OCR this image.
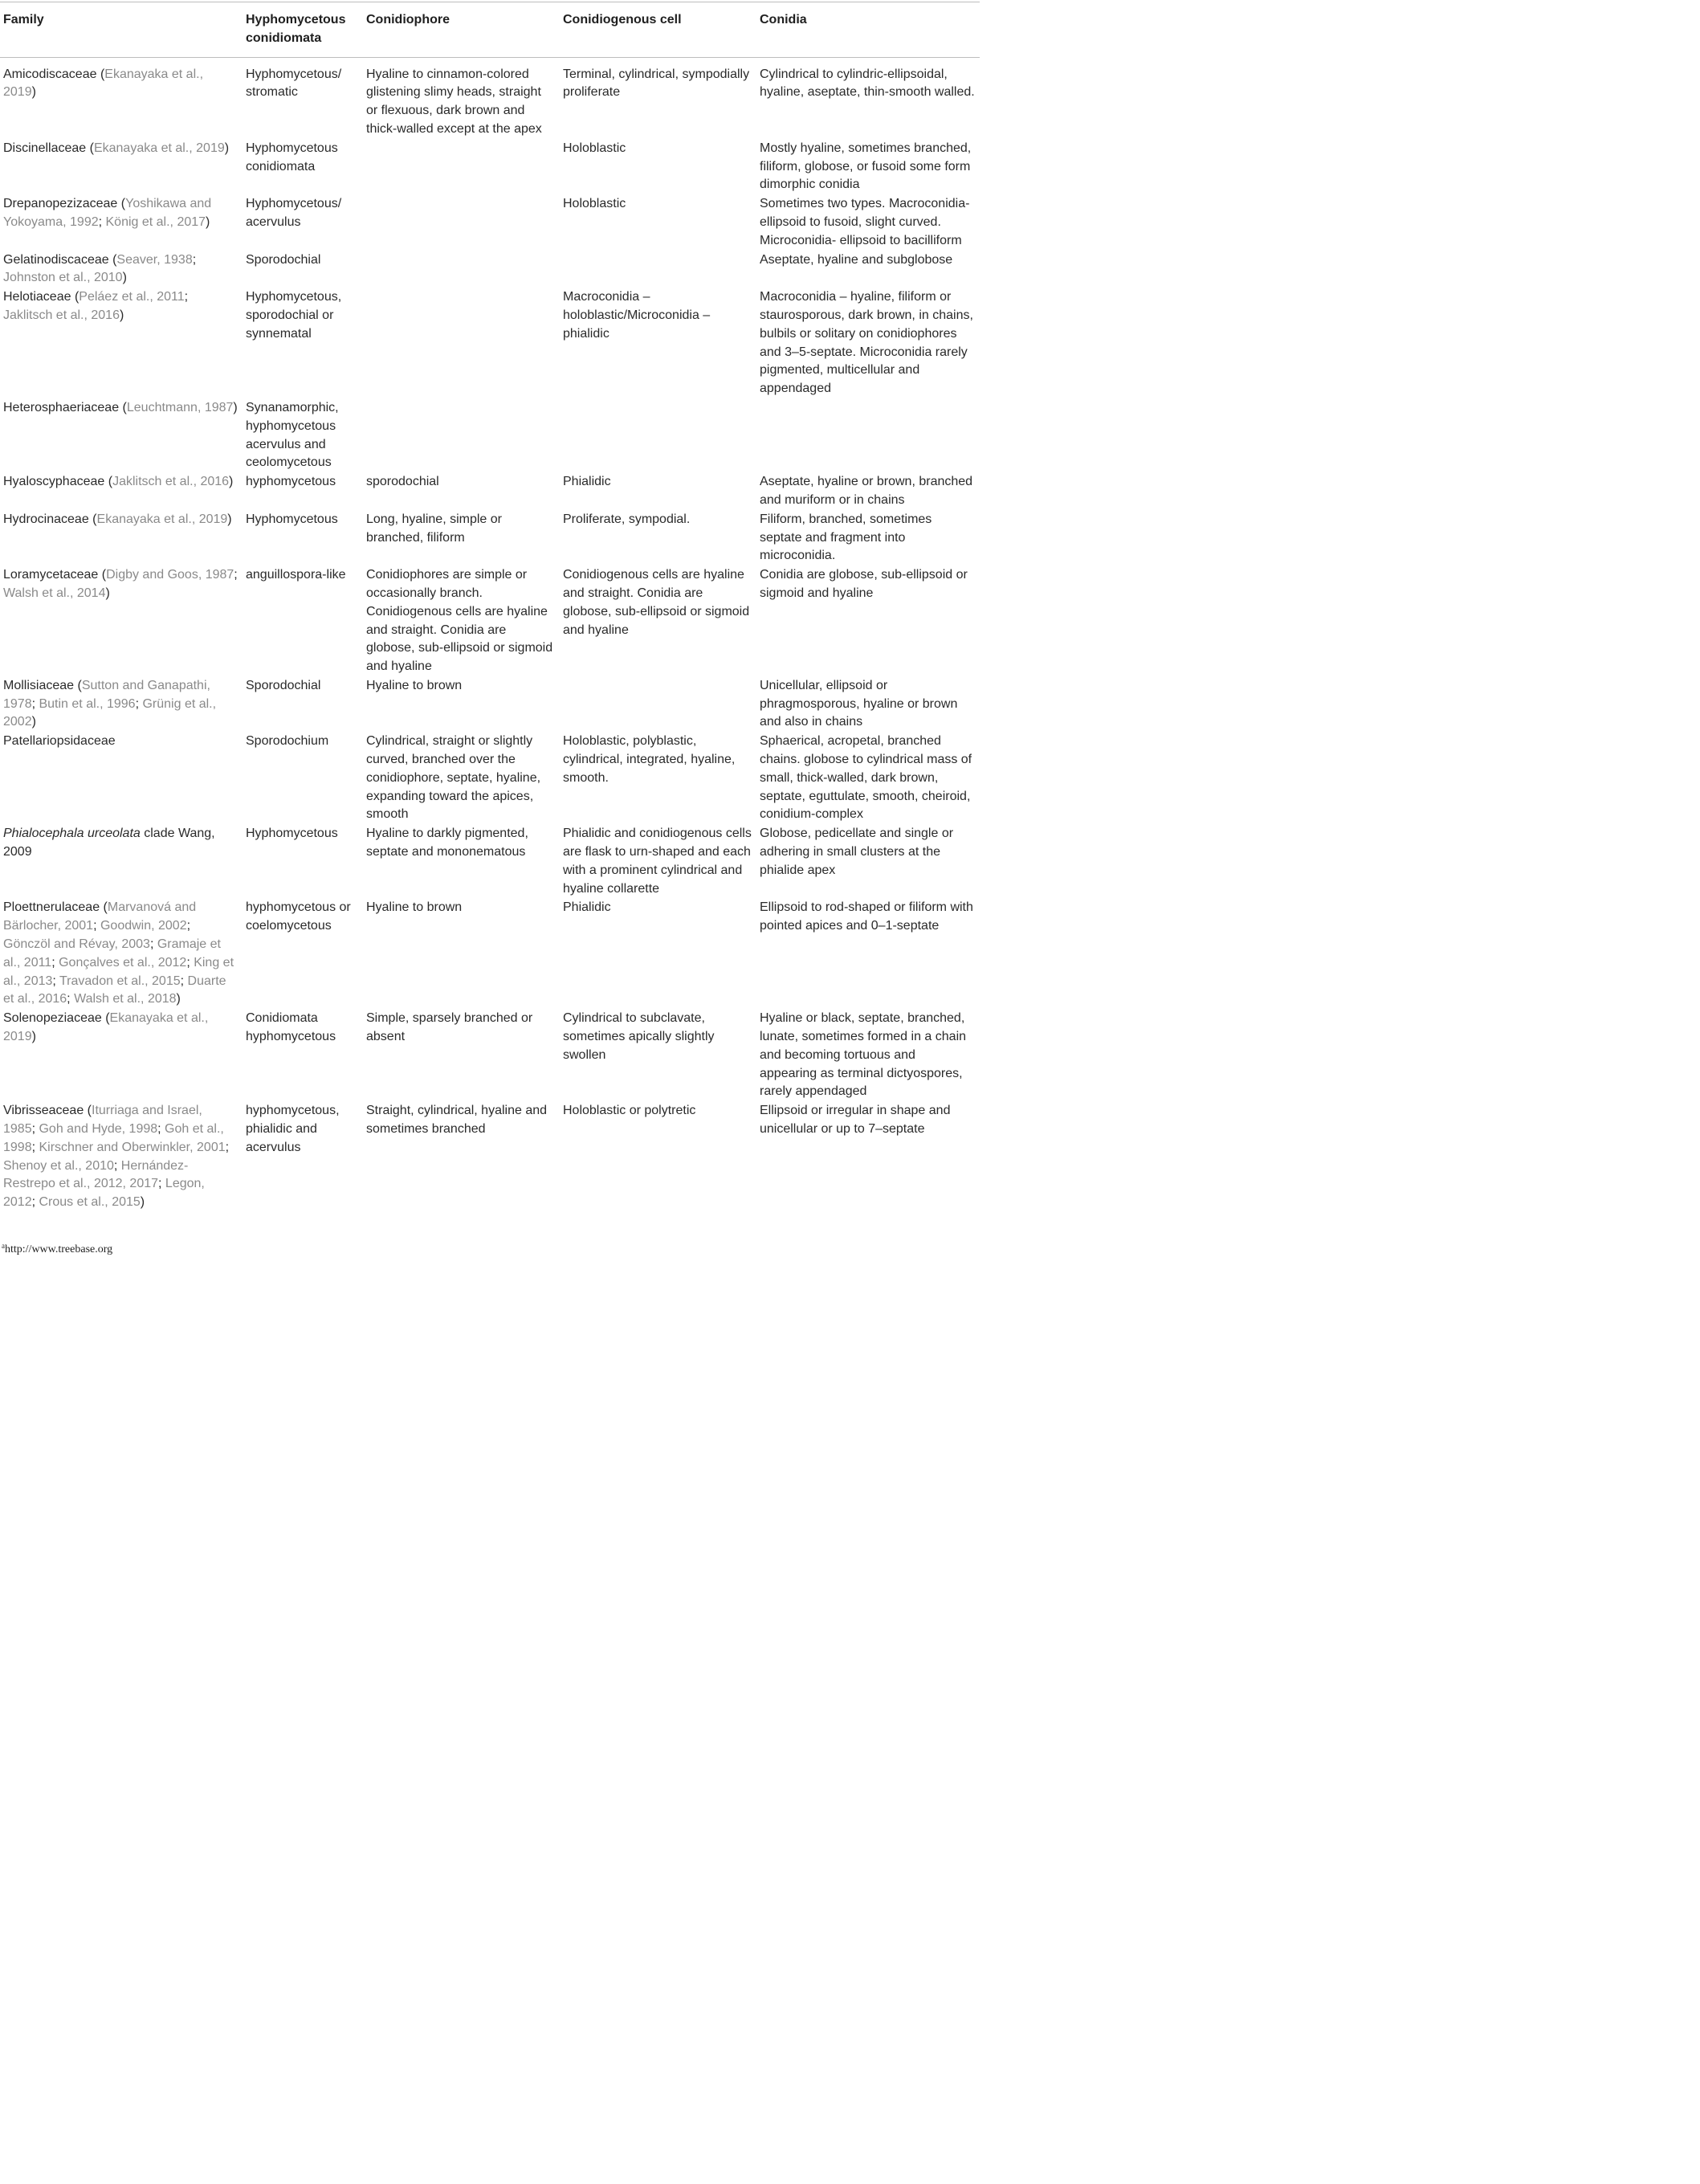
Family	Hyphomycetous conidiomata	Conidiophore	Conidiogenous cell	Conidia
Amicodiscaceae (Ekanayaka et al., 2019)	Hyphomycetous/ stromatic	Hyaline to cinnamon-colored glistening slimy heads, straight or flexuous, dark brown and thick-walled except at the apex	Terminal, cylindrical, sympodially proliferate	Cylindrical to cylindric-ellipsoidal, hyaline, aseptate, thin-smooth walled.
Discinellaceae (Ekanayaka et al., 2019)	Hyphomycetous conidiomata		Holoblastic	Mostly hyaline, sometimes branched, filiform, globose, or fusoid some form dimorphic conidia
Drepanopezizaceae (Yoshikawa and Yokoyama, 1992; König et al., 2017)	Hyphomycetous/ acervulus		Holoblastic	Sometimes two types. Macroconidia- ellipsoid to fusoid, slight curved. Microconidia- ellipsoid to bacilliform
Gelatinodiscaceae (Seaver, 1938; Johnston et al., 2010)	Sporodochial			Aseptate, hyaline and subglobose
Helotiaceae (Peláez et al., 2011; Jaklitsch et al., 2016)	Hyphomycetous, sporodochial or synnematal		Macroconidia – holoblastic/Microconidia – phialidic	Macroconidia – hyaline, filiform or staurosporous, dark brown, in chains, bulbils or solitary on conidiophores and 3–5-septate. Microconidia rarely pigmented, multicellular and appendaged
Heterosphaeriaceae (Leuchtmann, 1987)	Synanamorphic, hyphomycetous acervulus and ceolomycetous			
Hyaloscyphaceae (Jaklitsch et al., 2016)	hyphomycetous	sporodochial	Phialidic	Aseptate, hyaline or brown, branched and muriform or in chains
Hydrocinaceae (Ekanayaka et al., 2019)	Hyphomycetous	Long, hyaline, simple or branched, filiform	Proliferate, sympodial.	Filiform, branched, sometimes septate and fragment into microconidia.
Loramycetaceae (Digby and Goos, 1987; Walsh et al., 2014)	anguillospora-like	Conidiophores are simple or occasionally branch. Conidiogenous cells are hyaline and straight. Conidia are globose, sub-ellipsoid or sigmoid and hyaline	Conidiogenous cells are hyaline and straight. Conidia are globose, sub-ellipsoid or sigmoid and hyaline	Conidia are globose, sub-ellipsoid or sigmoid and hyaline
Mollisiaceae (Sutton and Ganapathi, 1978; Butin et al., 1996; Grünig et al., 2002)	Sporodochial	Hyaline to brown		Unicellular, ellipsoid or phragmosporous, hyaline or brown and also in chains
Patellariopsidaceae	Sporodochium	Cylindrical, straight or slightly curved, branched over the conidiophore, septate, hyaline, expanding toward the apices, smooth	Holoblastic, polyblastic, cylindrical, integrated, hyaline, smooth.	Sphaerical, acropetal, branched chains. globose to cylindrical mass of small, thick-walled, dark brown, septate, eguttulate, smooth, cheiroid, conidium-complex
Phialocephala urceolata clade Wang, 2009	Hyphomycetous	Hyaline to darkly pigmented, septate and mononematous	Phialidic and conidiogenous cells are flask to urn-shaped and each with a prominent cylindrical and hyaline collarette	Globose, pedicellate and single or adhering in small clusters at the phialide apex
Ploettnerulaceae (Marvanová and Bärlocher, 2001; Goodwin, 2002; Gönczöl and Révay, 2003; Gramaje et al., 2011; Gonçalves et al., 2012; King et al., 2013; Travadon et al., 2015; Duarte et al., 2016; Walsh et al., 2018)	hyphomycetous or coelomycetous	Hyaline to brown	Phialidic	Ellipsoid to rod-shaped or filiform with pointed apices and 0–1-septate
Solenopeziaceae (Ekanayaka et al., 2019)	Conidiomata hyphomycetous	Simple, sparsely branched or absent	Cylindrical to subclavate, sometimes apically slightly swollen	Hyaline or black, septate, branched, lunate, sometimes formed in a chain and becoming tortuous and appearing as terminal dictyospores, rarely appendaged
Vibrisseaceae (Iturriaga and Israel, 1985; Goh and Hyde, 1998; Goh et al., 1998; Kirschner and Oberwinkler, 2001; Shenoy et al., 2010; Hernández-Restrepo et al., 2012, 2017; Legon, 2012; Crous et al., 2015)	hyphomycetous, phialidic and acervulus	Straight, cylindrical, hyaline and sometimes branched	Holoblastic or polytretic	Ellipsoid or irregular in shape and unicellular or up to 7–septate
$^a$http://www.treebase.org
